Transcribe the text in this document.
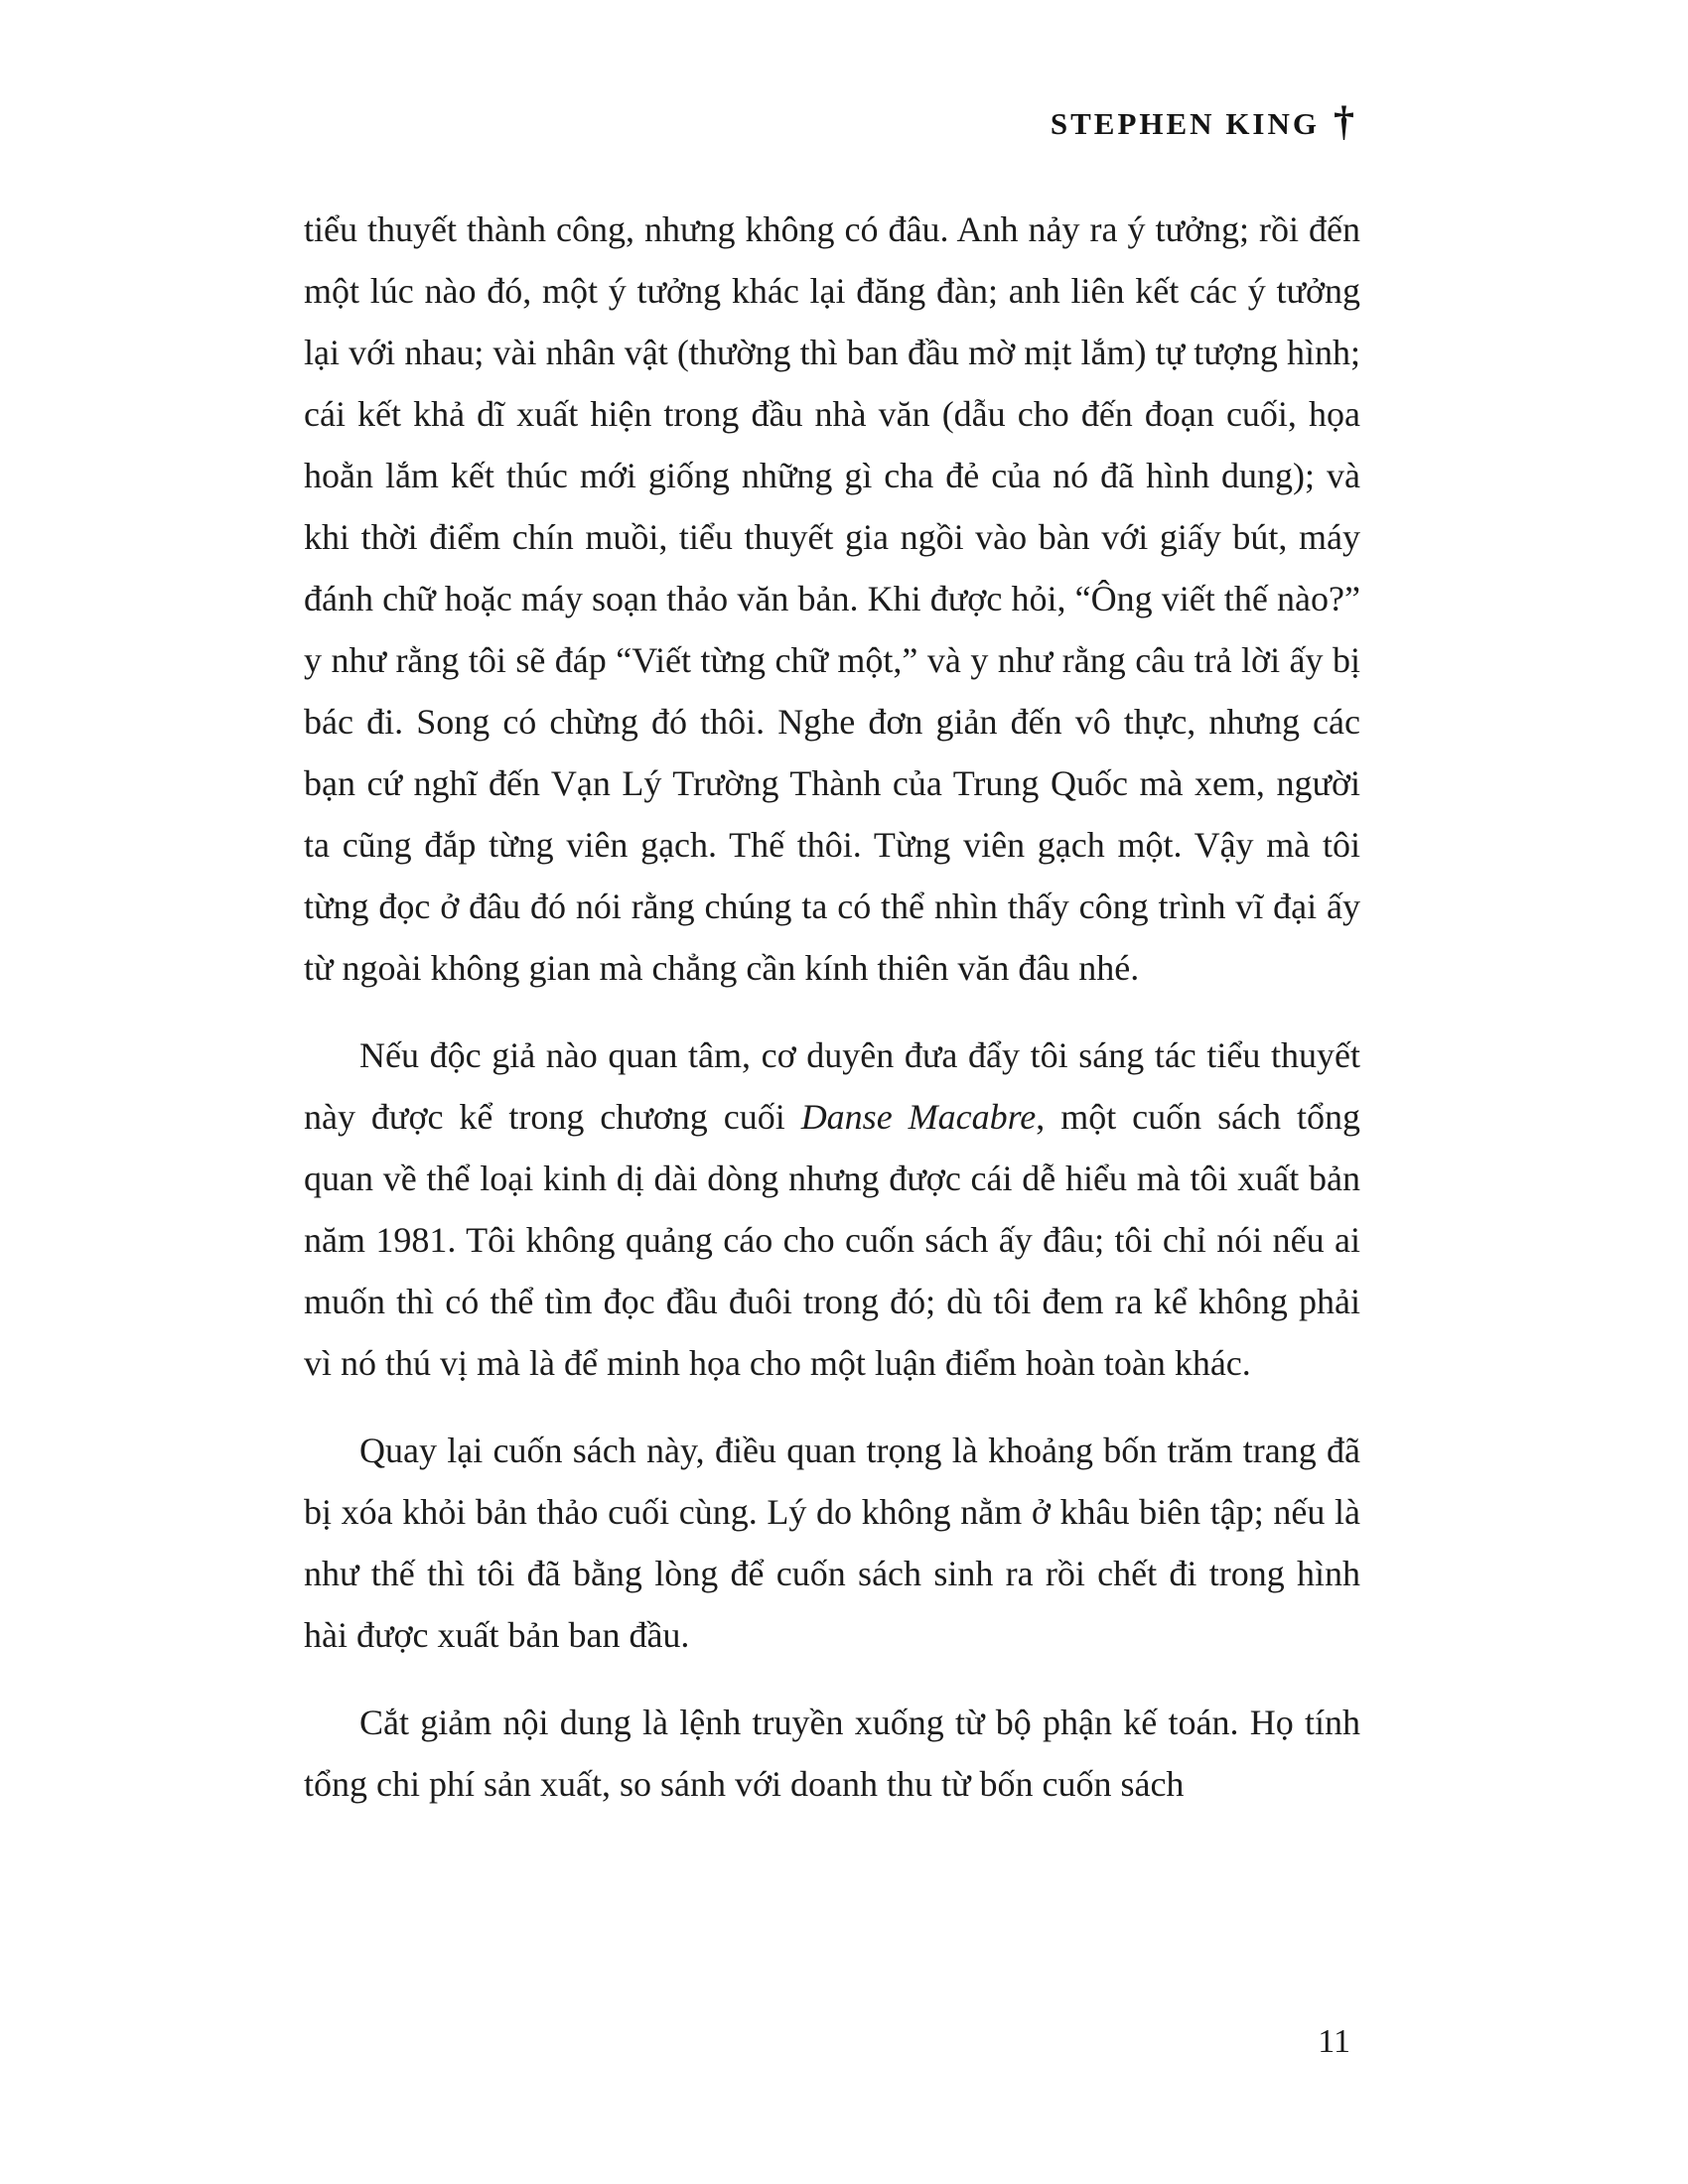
STEPHEN KING †

tiểu thuyết thành công, nhưng không có đâu. Anh nảy ra ý tưởng; rồi đến một lúc nào đó, một ý tưởng khác lại đăng đàn; anh liên kết các ý tưởng lại với nhau; vài nhân vật (thường thì ban đầu mờ mịt lắm) tự tượng hình; cái kết khả dĩ xuất hiện trong đầu nhà văn (dẫu cho đến đoạn cuối, họa hoằn lắm kết thúc mới giống những gì cha đẻ của nó đã hình dung); và khi thời điểm chín muồi, tiểu thuyết gia ngồi vào bàn với giấy bút, máy đánh chữ hoặc máy soạn thảo văn bản. Khi được hỏi, “Ông viết thế nào?” y như rằng tôi sẽ đáp “Viết từng chữ một,” và y như rằng câu trả lời ấy bị bác đi. Song có chừng đó thôi. Nghe đơn giản đến vô thực, nhưng các bạn cứ nghĩ đến Vạn Lý Trường Thành của Trung Quốc mà xem, người ta cũng đắp từng viên gạch. Thế thôi. Từng viên gạch một. Vậy mà tôi từng đọc ở đâu đó nói rằng chúng ta có thể nhìn thấy công trình vĩ đại ấy từ ngoài không gian mà chẳng cần kính thiên văn đâu nhé.

Nếu độc giả nào quan tâm, cơ duyên đưa đẩy tôi sáng tác tiểu thuyết này được kể trong chương cuối Danse Macabre, một cuốn sách tổng quan về thể loại kinh dị dài dòng nhưng được cái dễ hiểu mà tôi xuất bản năm 1981. Tôi không quảng cáo cho cuốn sách ấy đâu; tôi chỉ nói nếu ai muốn thì có thể tìm đọc đầu đuôi trong đó; dù tôi đem ra kể không phải vì nó thú vị mà là để minh họa cho một luận điểm hoàn toàn khác.

Quay lại cuốn sách này, điều quan trọng là khoảng bốn trăm trang đã bị xóa khỏi bản thảo cuối cùng. Lý do không nằm ở khâu biên tập; nếu là như thế thì tôi đã bằng lòng để cuốn sách sinh ra rồi chết đi trong hình hài được xuất bản ban đầu.

Cắt giảm nội dung là lệnh truyền xuống từ bộ phận kế toán. Họ tính tổng chi phí sản xuất, so sánh với doanh thu từ bốn cuốn sách

11
